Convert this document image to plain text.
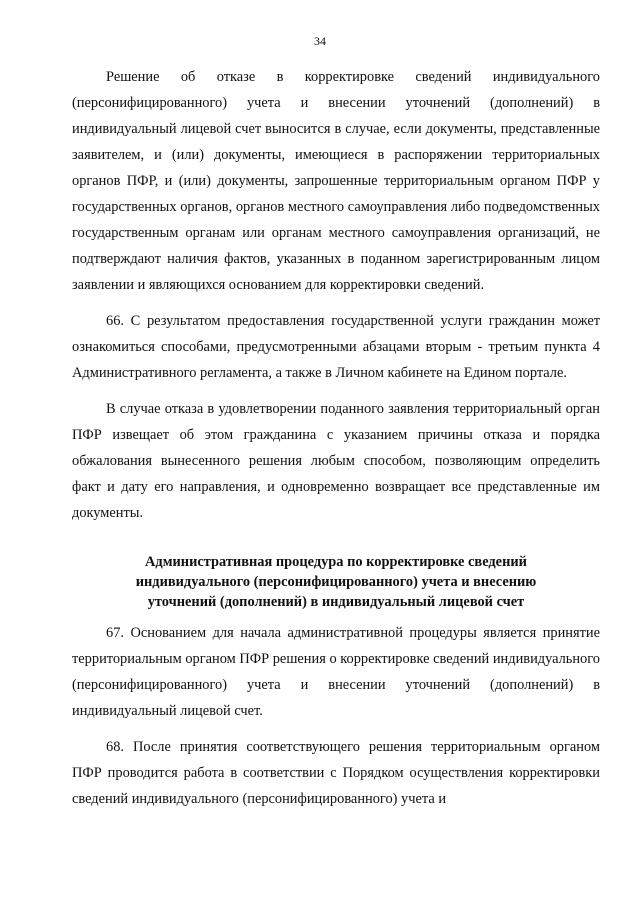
34

Решение об отказе в корректировке сведений индивидуального (персонифицированного) учета и внесении уточнений (дополнений) в индивидуальный лицевой счет выносится в случае, если документы, представленные заявителем, и (или) документы, имеющиеся в распоряжении территориальных органов ПФР, и (или) документы, запрошенные территориальным органом ПФР у государственных органов, органов местного самоуправления либо подведомственных государственным органам или органам местного самоуправления организаций, не подтверждают наличия фактов, указанных в поданном зарегистрированным лицом заявлении и являющихся основанием для корректировки сведений.

66. С результатом предоставления государственной услуги гражданин может ознакомиться способами, предусмотренными абзацами вторым - третьим пункта 4 Административного регламента, а также в Личном кабинете на Едином портале.

В случае отказа в удовлетворении поданного заявления территориальный орган ПФР извещает об этом гражданина с указанием причины отказа и порядка обжалования вынесенного решения любым способом, позволяющим определить факт и дату его направления, и одновременно возвращает все представленные им документы.

Административная процедура по корректировке сведений

индивидуального (персонифицированного) учета и внесению

уточнений (дополнений) в индивидуальный лицевой счет

67. Основанием для начала административной процедуры является принятие территориальным органом ПФР решения о корректировке сведений индивидуального (персонифицированного) учета и внесении уточнений (дополнений) в индивидуальный лицевой счет.

68. После принятия соответствующего решения территориальным органом ПФР проводится работа в соответствии с Порядком осуществления корректировки сведений индивидуального (персонифицированного) учета и
